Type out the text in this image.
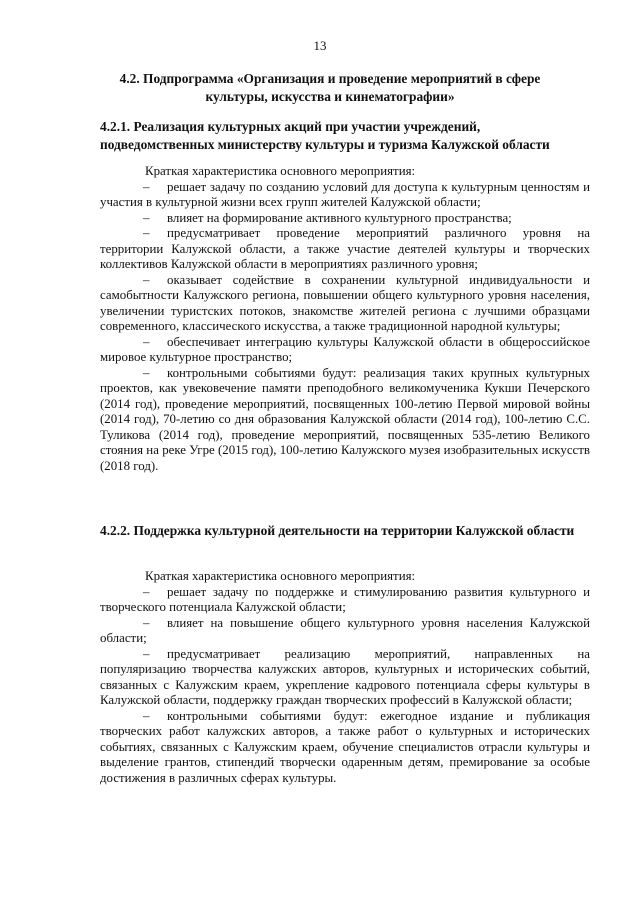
13
4.2. Подпрограмма «Организация и проведение мероприятий в сфере культуры, искусства и кинематографии»
4.2.1. Реализация культурных акций при участии учреждений, подведомственных министерству культуры и туризма Калужской области

Краткая характеристика основного мероприятия:

– решает задачу по созданию условий для доступа к культурным ценностям и участия в культурной жизни всех групп жителей Калужской области;

– влияет на формирование активного культурного пространства;

– предусматривает проведение мероприятий различного уровня на территории Калужской области, а также участие деятелей культуры и творческих коллективов Калужской области в мероприятиях различного уровня;

– оказывает содействие в сохранении культурной индивидуальности и самобытности Калужского региона, повышении общего культурного уровня населения, увеличении туристских потоков, знакомстве жителей региона с лучшими образцами современного, классического искусства, а также традиционной народной культуры;

– обеспечивает интеграцию культуры Калужской области в общероссийское мировое культурное пространство;

– контрольными событиями будут: реализация таких крупных культурных проектов, как увековечение памяти преподобного великомученика Кукши Печерского (2014 год), проведение мероприятий, посвященных 100-летию Первой мировой войны (2014 год), 70-летию со дня образования Калужской области (2014 год), 100-летию С.С. Туликова (2014 год), проведение мероприятий, посвященных 535-летию Великого стояния на реке Угре (2015 год), 100-летию Калужского музея изобразительных искусств (2018 год).

4.2.2. Поддержка культурной деятельности на территории Калужской области

Краткая характеристика основного мероприятия:

– решает задачу по поддержке и стимулированию развития культурного и творческого потенциала Калужской области;

– влияет на повышение общего культурного уровня населения Калужской области;

– предусматривает реализацию мероприятий, направленных на популяризацию творчества калужских авторов, культурных и исторических событий, связанных с Калужским краем, укрепление кадрового потенциала сферы культуры в Калужской области, поддержку граждан творческих профессий в Калужской области;

– контрольными событиями будут: ежегодное издание и публикация творческих работ калужских авторов, а также работ о культурных и исторических событиях, связанных с Калужским краем, обучение специалистов отрасли культуры и выделение грантов, стипендий творчески одаренным детям, премирование за особые достижения в различных сферах культуры.
